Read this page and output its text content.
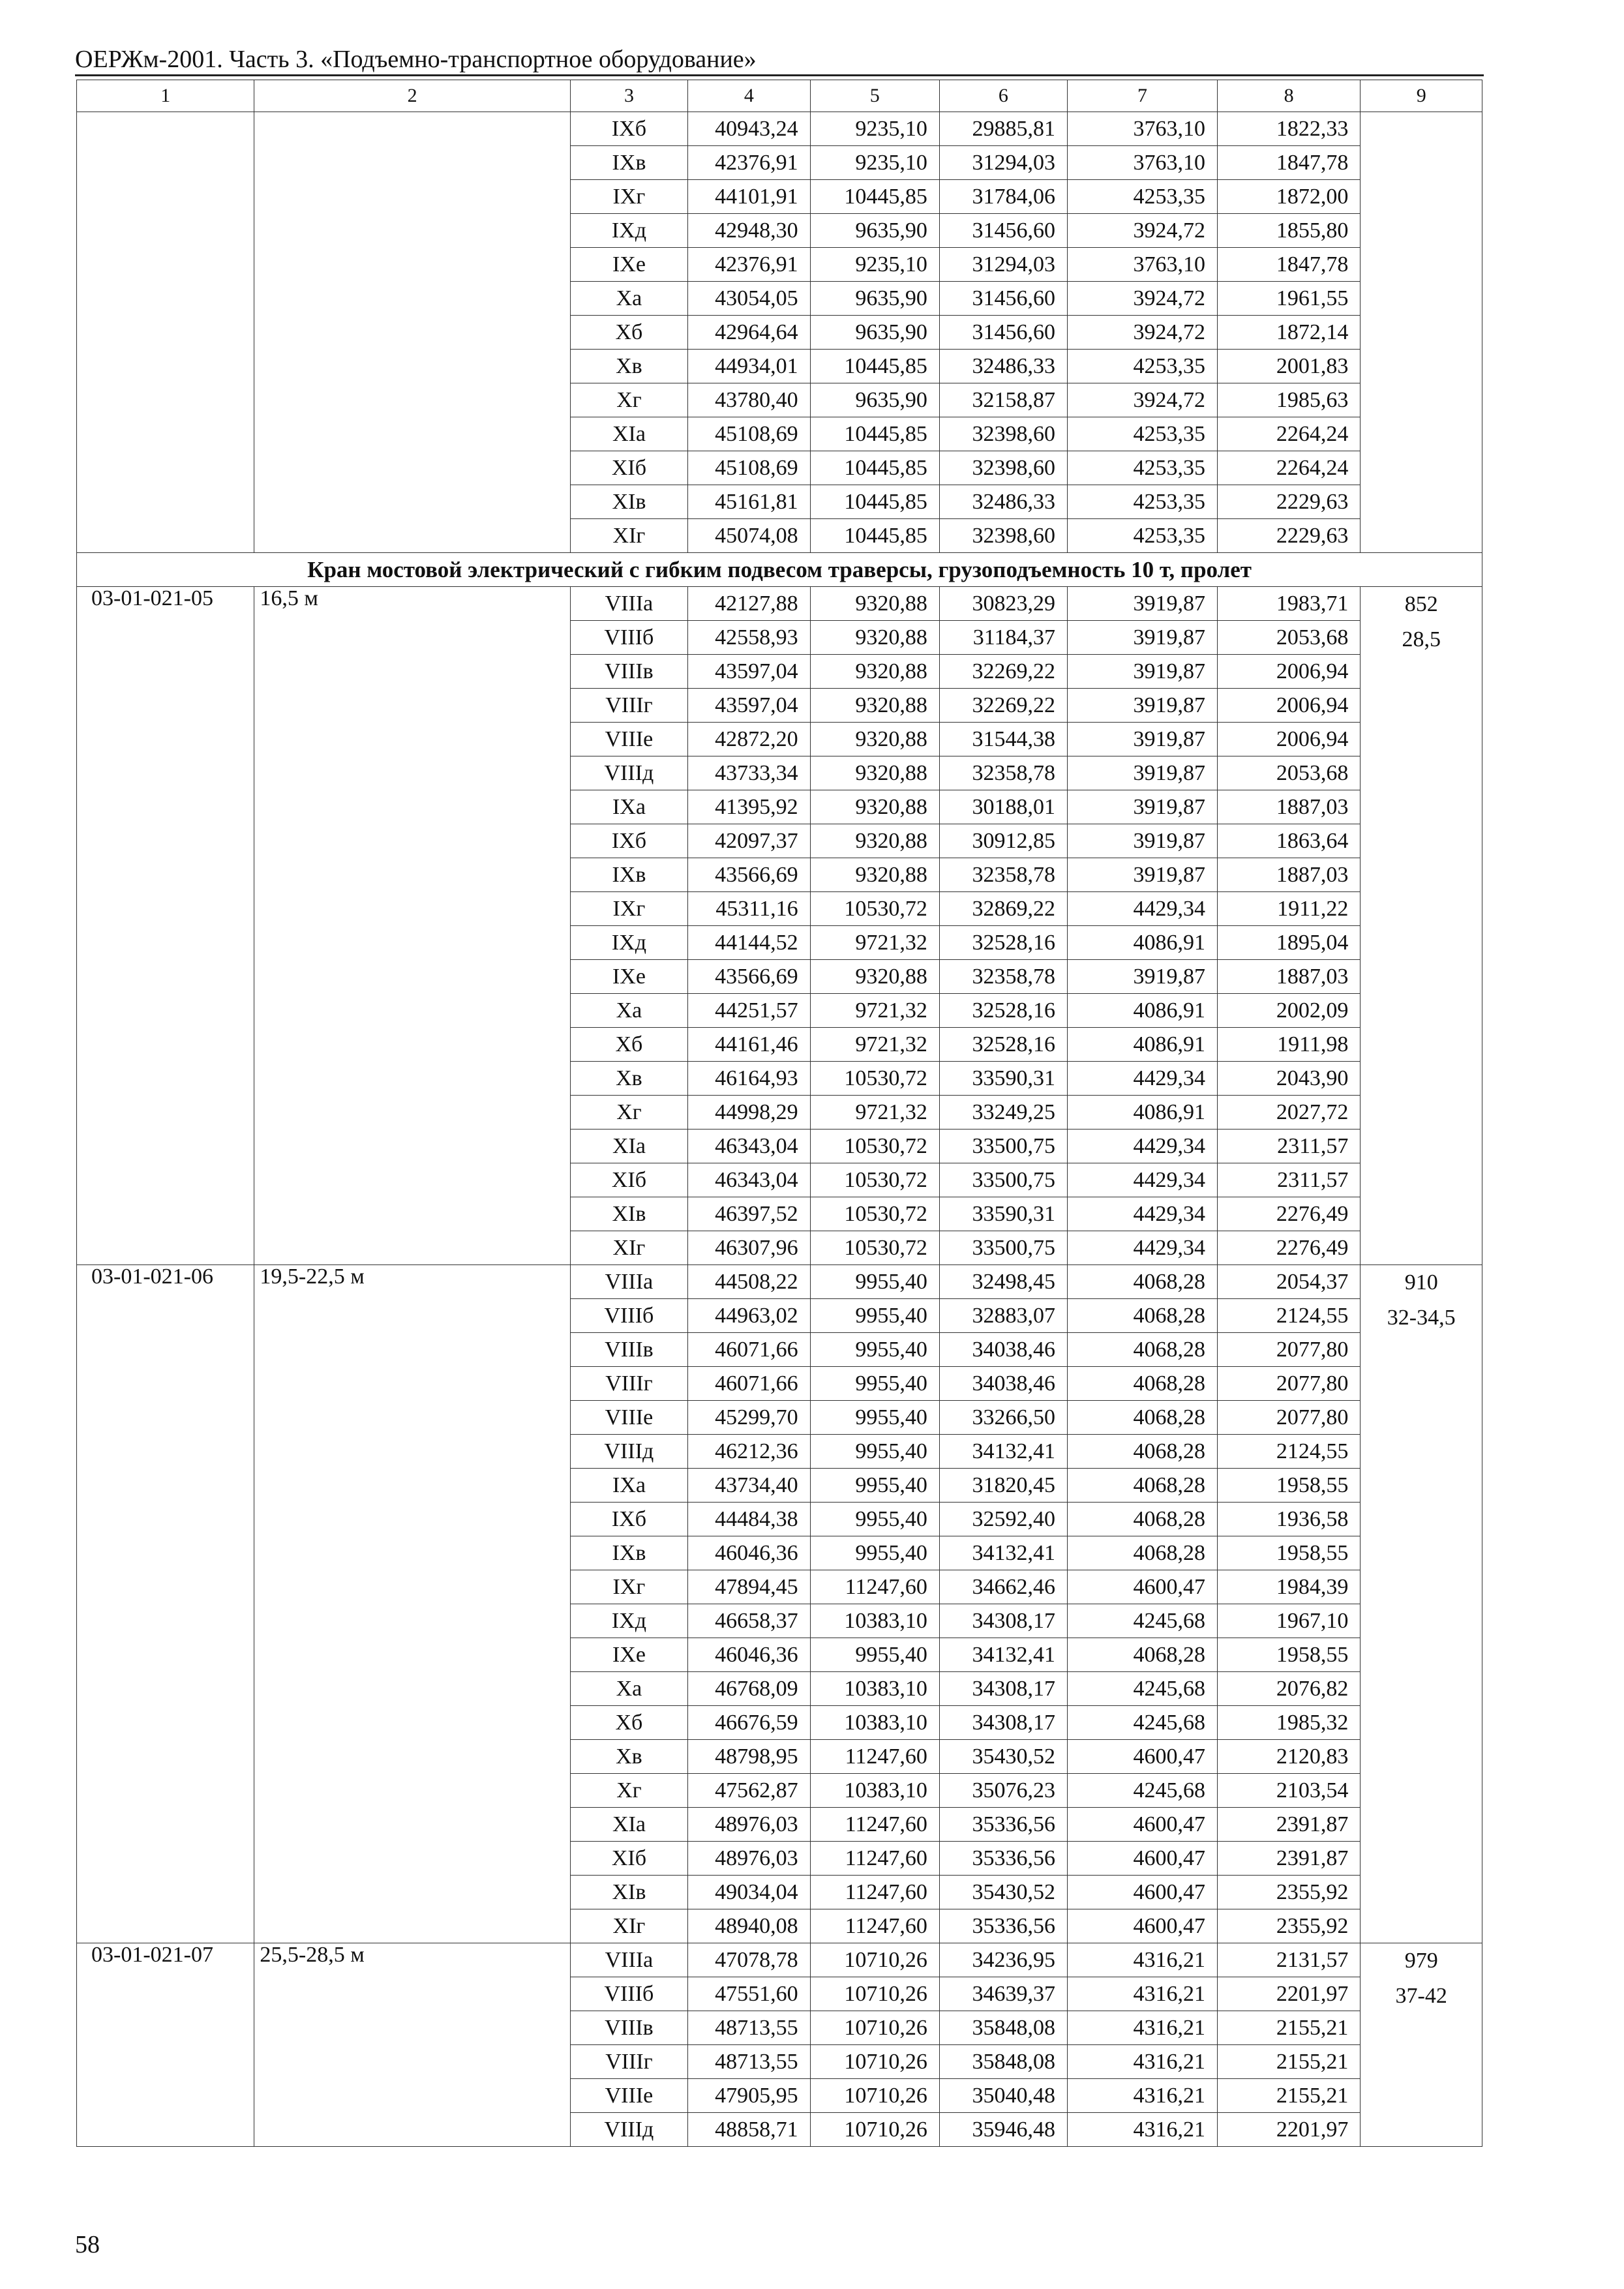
ОЕРЖм-2001. Часть 3. «Подъемно-транспортное оборудование»
1	2	3	4	5	6	7	8	9
		IXб	40943,24	9235,10	29885,81	3763,10	1822,33	
		IXв	42376,91	9235,10	31294,03	3763,10	1847,78	
		IXг	44101,91	10445,85	31784,06	4253,35	1872,00	
		IXд	42948,30	9635,90	31456,60	3924,72	1855,80	
		IXе	42376,91	9235,10	31294,03	3763,10	1847,78	
		Xа	43054,05	9635,90	31456,60	3924,72	1961,55	
		Xб	42964,64	9635,90	31456,60	3924,72	1872,14	
		Xв	44934,01	10445,85	32486,33	4253,35	2001,83	
		Xг	43780,40	9635,90	32158,87	3924,72	1985,63	
		XIа	45108,69	10445,85	32398,60	4253,35	2264,24	
		XIб	45108,69	10445,85	32398,60	4253,35	2264,24	
		XIв	45161,81	10445,85	32486,33	4253,35	2229,63	
		XIг	45074,08	10445,85	32398,60	4253,35	2229,63	
Кран мостовой электрический с гибким подвесом траверсы, грузоподъемность 10 т, пролет								
03-01-021-05	16,5 м	VIIIа	42127,88	9320,88	30823,29	3919,87	1983,71	852
28,5

		VIIIб	42558,93	9320,88	31184,37	3919,87	2053,68	
		VIIIв	43597,04	9320,88	32269,22	3919,87	2006,94	
		VIIIг	43597,04	9320,88	32269,22	3919,87	2006,94	
		VIIIе	42872,20	9320,88	31544,38	3919,87	2006,94	
		VIIIд	43733,34	9320,88	32358,78	3919,87	2053,68	
		IXа	41395,92	9320,88	30188,01	3919,87	1887,03	
		IXб	42097,37	9320,88	30912,85	3919,87	1863,64	
		IXв	43566,69	9320,88	32358,78	3919,87	1887,03	
		IXг	45311,16	10530,72	32869,22	4429,34	1911,22	
		IXд	44144,52	9721,32	32528,16	4086,91	1895,04	
		IXе	43566,69	9320,88	32358,78	3919,87	1887,03	
		Xа	44251,57	9721,32	32528,16	4086,91	2002,09	
		Xб	44161,46	9721,32	32528,16	4086,91	1911,98	
		Xв	46164,93	10530,72	33590,31	4429,34	2043,90	
		Xг	44998,29	9721,32	33249,25	4086,91	2027,72	
		XIа	46343,04	10530,72	33500,75	4429,34	2311,57	
		XIб	46343,04	10530,72	33500,75	4429,34	2311,57	
		XIв	46397,52	10530,72	33590,31	4429,34	2276,49	
		XIг	46307,96	10530,72	33500,75	4429,34	2276,49	
03-01-021-06	19,5-22,5 м	VIIIа	44508,22	9955,40	32498,45	4068,28	2054,37	910
32-34,5

		VIIIб	44963,02	9955,40	32883,07	4068,28	2124,55	
		VIIIв	46071,66	9955,40	34038,46	4068,28	2077,80	
		VIIIг	46071,66	9955,40	34038,46	4068,28	2077,80	
		VIIIе	45299,70	9955,40	33266,50	4068,28	2077,80	
		VIIIд	46212,36	9955,40	34132,41	4068,28	2124,55	
		IXа	43734,40	9955,40	31820,45	4068,28	1958,55	
		IXб	44484,38	9955,40	32592,40	4068,28	1936,58	
		IXв	46046,36	9955,40	34132,41	4068,28	1958,55	
		IXг	47894,45	11247,60	34662,46	4600,47	1984,39	
		IXд	46658,37	10383,10	34308,17	4245,68	1967,10	
		IXе	46046,36	9955,40	34132,41	4068,28	1958,55	
		Xа	46768,09	10383,10	34308,17	4245,68	2076,82	
		Xб	46676,59	10383,10	34308,17	4245,68	1985,32	
		Xв	48798,95	11247,60	35430,52	4600,47	2120,83	
		Xг	47562,87	10383,10	35076,23	4245,68	2103,54	
		XIа	48976,03	11247,60	35336,56	4600,47	2391,87	
		XIб	48976,03	11247,60	35336,56	4600,47	2391,87	
		XIв	49034,04	11247,60	35430,52	4600,47	2355,92	
		XIг	48940,08	11247,60	35336,56	4600,47	2355,92	
03-01-021-07	25,5-28,5 м	VIIIа	47078,78	10710,26	34236,95	4316,21	2131,57	979
37-42

		VIIIб	47551,60	10710,26	34639,37	4316,21	2201,97	
		VIIIв	48713,55	10710,26	35848,08	4316,21	2155,21	
		VIIIг	48713,55	10710,26	35848,08	4316,21	2155,21	
		VIIIе	47905,95	10710,26	35040,48	4316,21	2155,21	
		VIIIд	48858,71	10710,26	35946,48	4316,21	2201,97	
58
